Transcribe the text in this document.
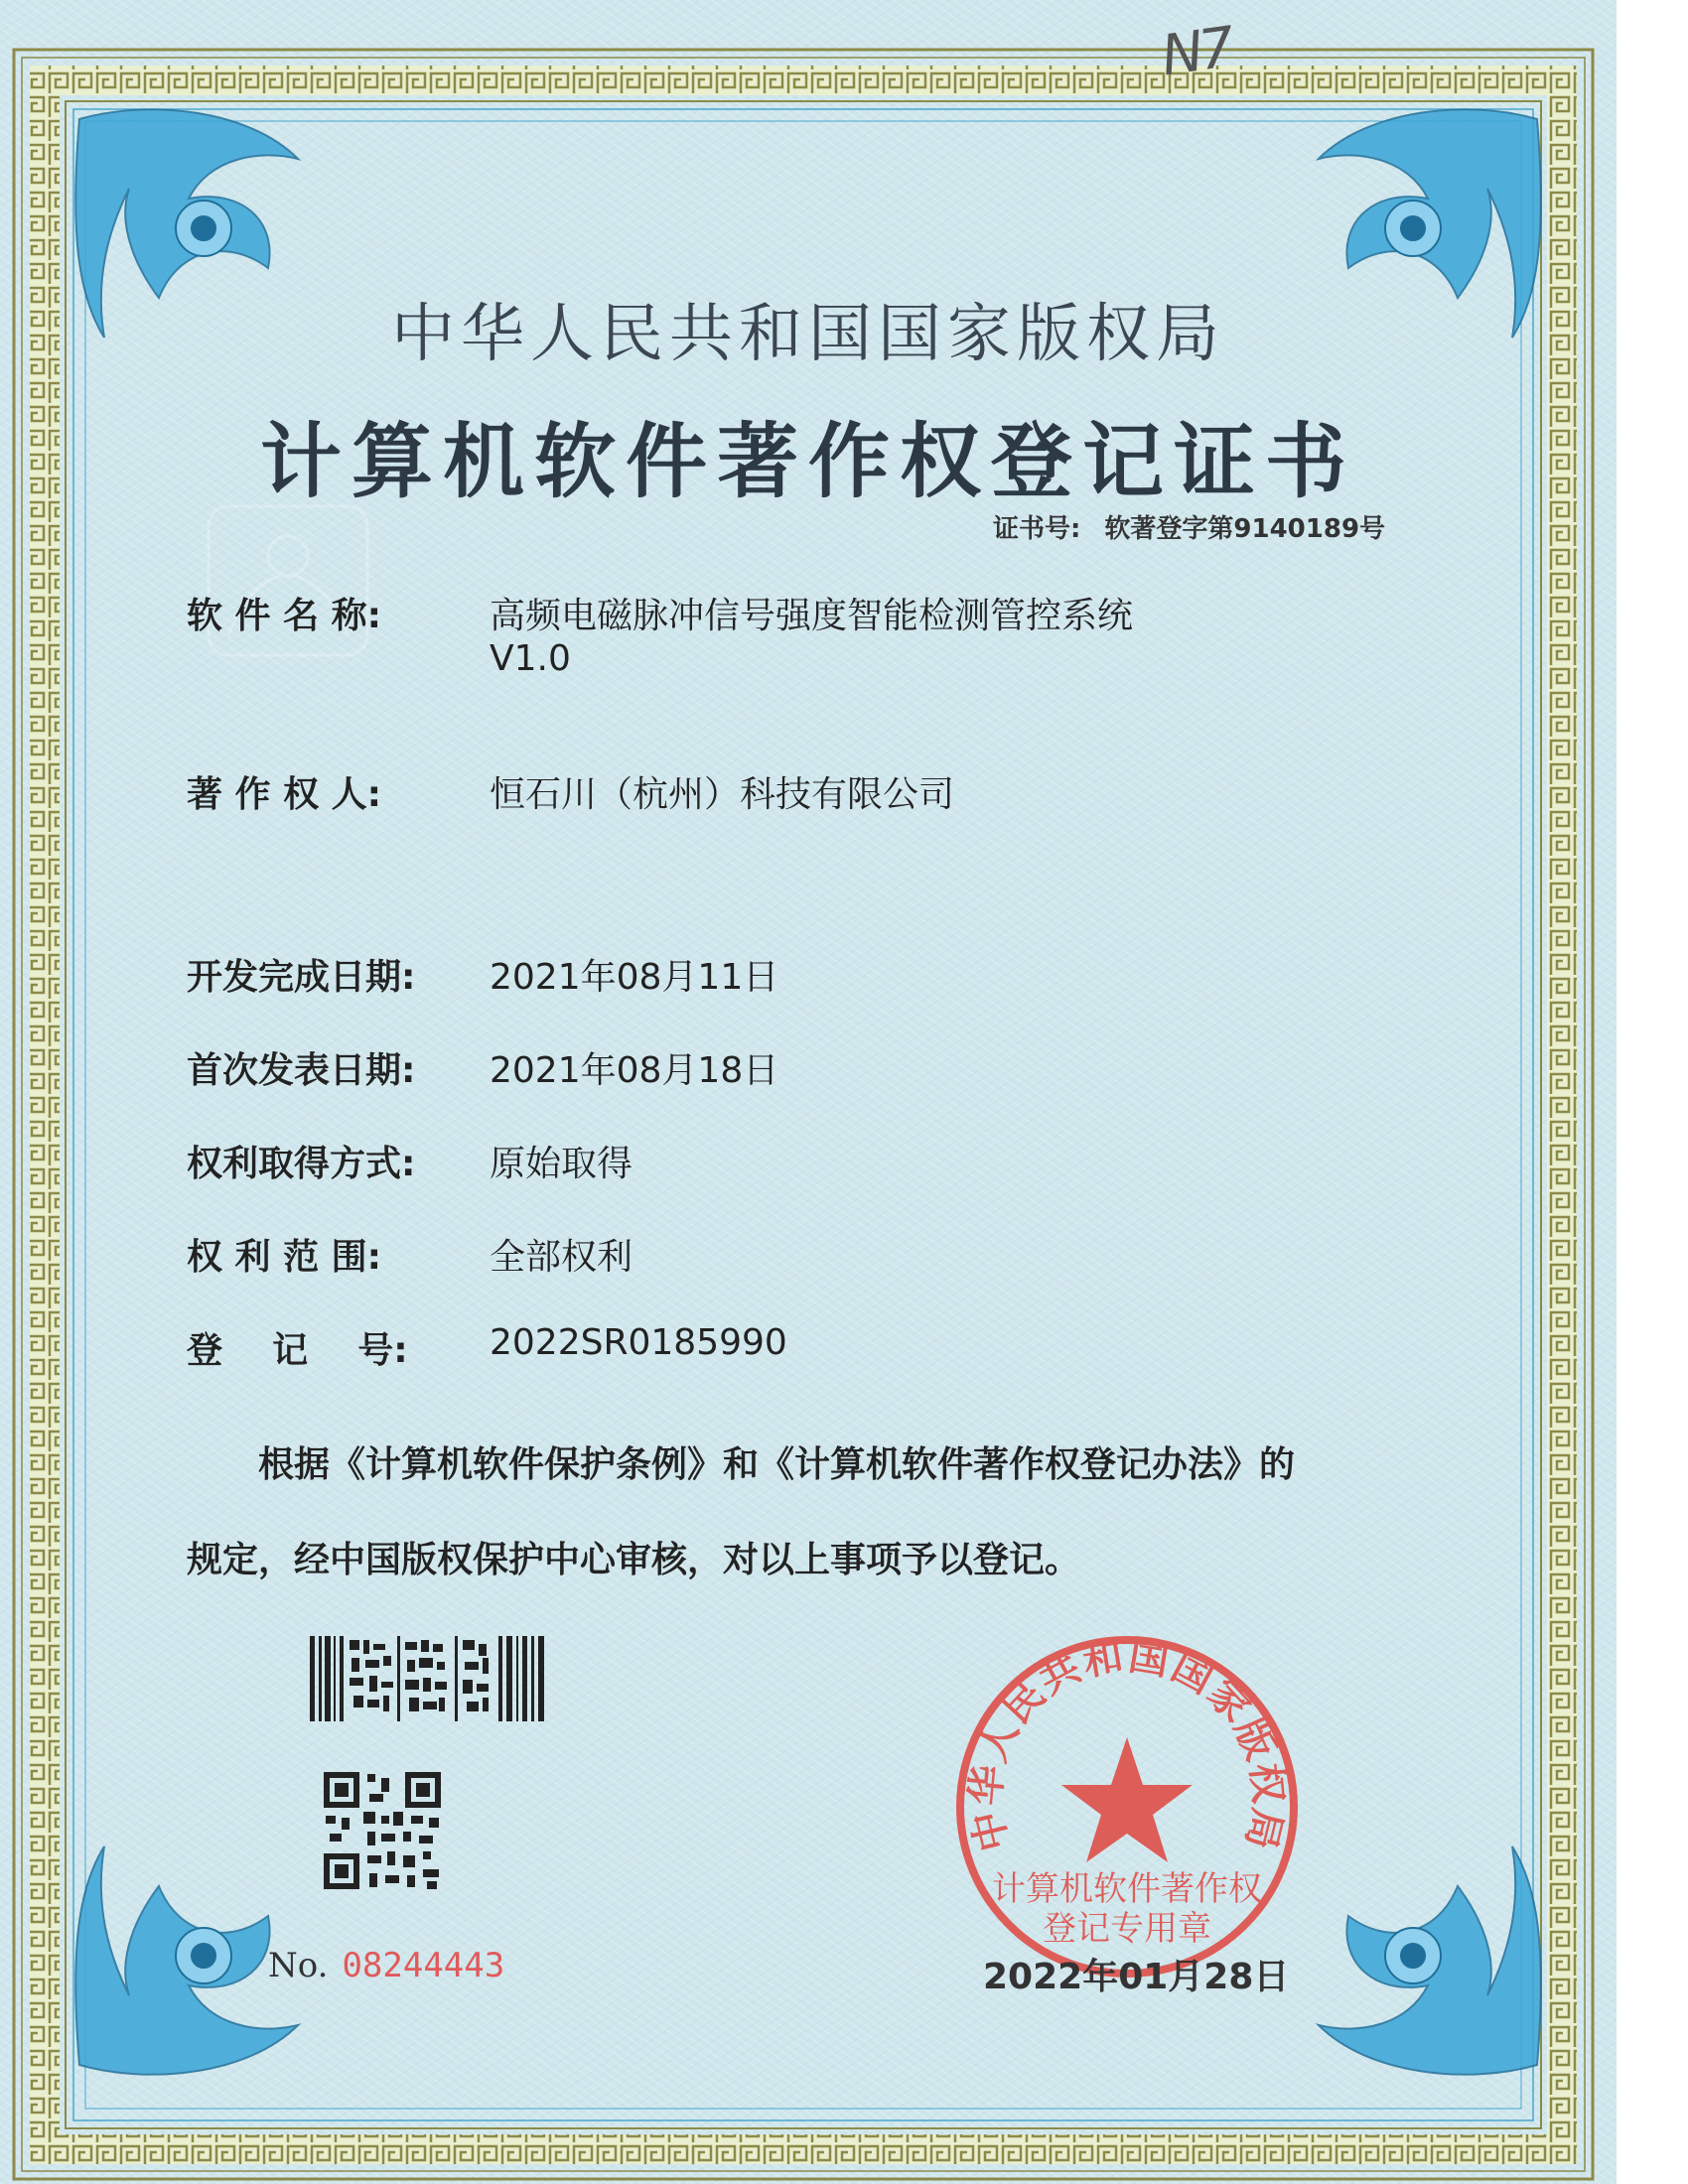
N7
中华人民共和国国家版权局
计算机软件著作权登记证书
证书号: 软著登字第9140189号
软 件 名 称:	高频电磁脉冲信号强度智能检测管控系统
V1.0
著 作 权 人:	恒石川（杭州）科技有限公司
开发完成日期: 2021年08月11日
首次发表日期: 2021年08月18日
权利取得方式: 原始取得
权 利 范 围:	全部权利
登    记    号: 2022SR0185990
根据《计算机软件保护条例》和《计算机软件著作权登记办法》的
规定，经中国版权保护中心审核，对以上事项予以登记。
No. 08244443
中华人民共和国国家版权局
计算机软件著作权
登记专用章
2022年01月28日
